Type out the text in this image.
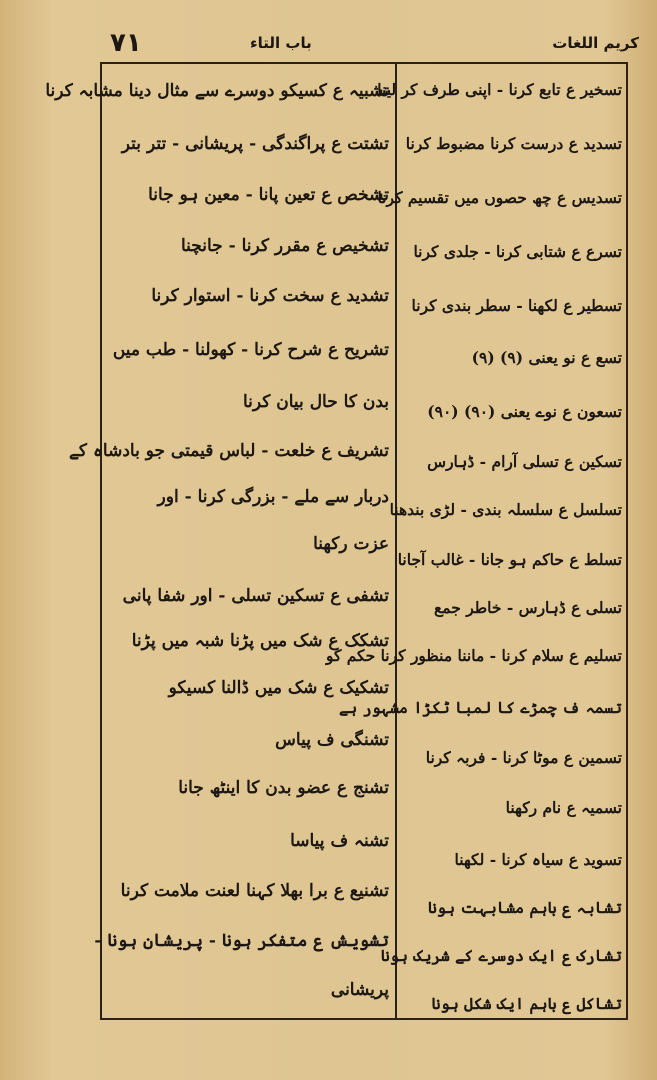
کریم اللغات
باب التاء
۷۱
تسخیر ع تابع کرنا - اپنی طرف کر لینا
تسدید ع درست کرنا مضبوط کرنا
تسدیس ع چھ حصوں میں تقسیم کرنا
تسرع ع شتابی کرنا - جلدی کرنا
تسطیر ع لکھنا - سطر بندی کرنا
تسع ع نو یعنی (۹) (۹)
تسعون ع نوے یعنی (۹۰) (۹۰)
تسکین ع تسلی آرام - ڈہارس
تسلسل ع سلسلہ بندی - لڑی بندھنا
تسلط ع حاکم ہو جانا - غالب آجانا
تسلی ع ڈہارس - خاطر جمع
تسلیم ع سلام کرنا - ماننا منظور کرنا حکم کو
تسمہ ف چمڑے کا لمبا ٹکڑا مشہور ہے
تسمین ع موٹا کرنا - فربہ کرنا
تسمیہ ع نام رکھنا
تسوید ع سیاہ کرنا - لکھنا
تشابہ ع باہم مشابہت ہونا
تشارک ع ایک دوسرے کے شریک ہونا
تشاکل ع باہم ایک شکل ہونا
تشبیہ ع کسیکو دوسرے سے مثال دینا مشابہ کرنا
تشتت ع پراگندگی - پریشانی - تتر بتر
تشخص ع تعین پانا - معین ہو جانا
تشخیص ع مقرر کرنا - جانچنا
تشدید ع سخت کرنا - استوار کرنا
تشریح ع شرح کرنا - کھولنا - طب میں
بدن کا حال بیان کرنا
تشریف ع خلعت - لباس قیمتی جو بادشاہ کے
دربار سے ملے - بزرگی کرنا - اور
عزت رکھنا
تشفی ع تسکین تسلی - اور شفا پانی
تشکک ع شک میں پڑنا شبہ میں پڑنا
تشکیک ع شک میں ڈالنا کسیکو
تشنگی ف پیاس
تشنج ع عضو بدن کا اینٹھ جانا
تشنہ ف پیاسا
تشنیع ع برا بھلا کہنا لعنت ملامت کرنا
تشویش ع متفکر ہونا - پریشان ہونا -
پریشانی
